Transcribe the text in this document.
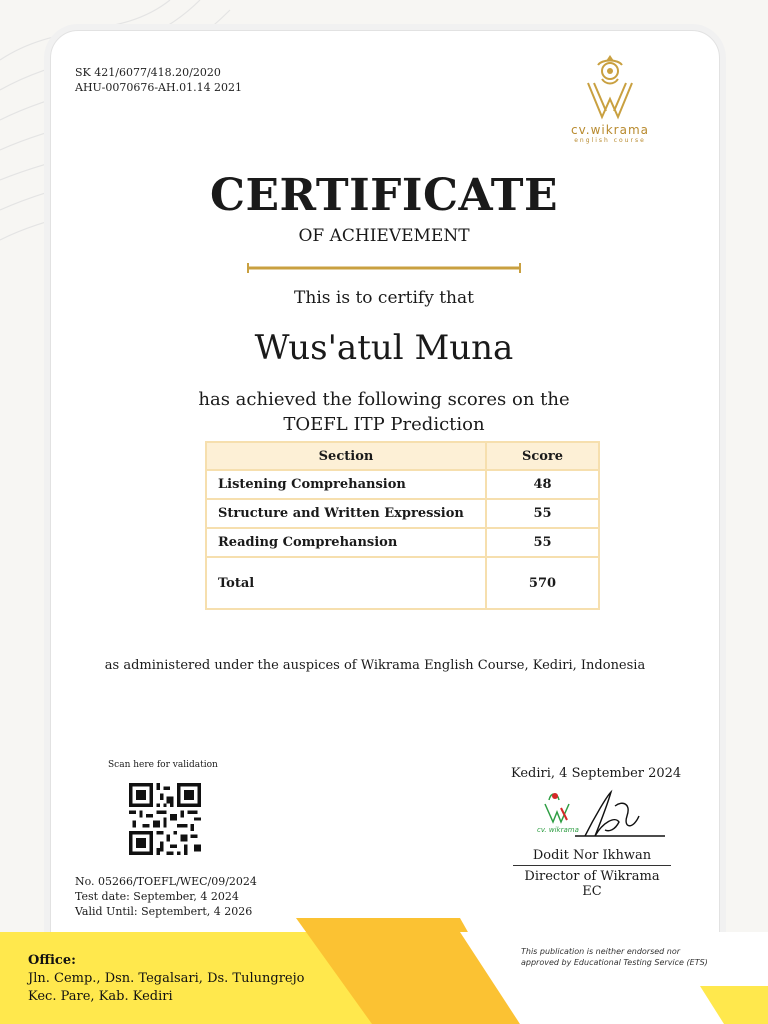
SK 421/6077/418.20/2020
AHU-0070676-AH.01.14 2021
cv.wikrama
english course
CERTIFICATE
OF ACHIEVEMENT
This is to certify that
Wus'atul Muna
has achieved the following scores on the
TOEFL ITP Prediction
Section	Score
Listening Comprehansion	48
Structure and Written Expression	55
Reading Comprehansion	55
Total	570
as administered under the auspices of Wikrama English Course, Kediri, Indonesia
Scan here for validation
No. 05266/TOEFL/WEC/09/2024
Test date: September, 4 2024
Valid Until: Septembert, 4 2026
Kediri, 4 September 2024
cv. wikrama
Dodit Nor Ikhwan
Director of Wikrama EC
Office:
Jln. Cemp., Dsn. Tegalsari, Ds. Tulungrejo
Kec. Pare, Kab. Kediri
This publication is neither endorsed nor
approved by Educational Testing Service (ETS)
